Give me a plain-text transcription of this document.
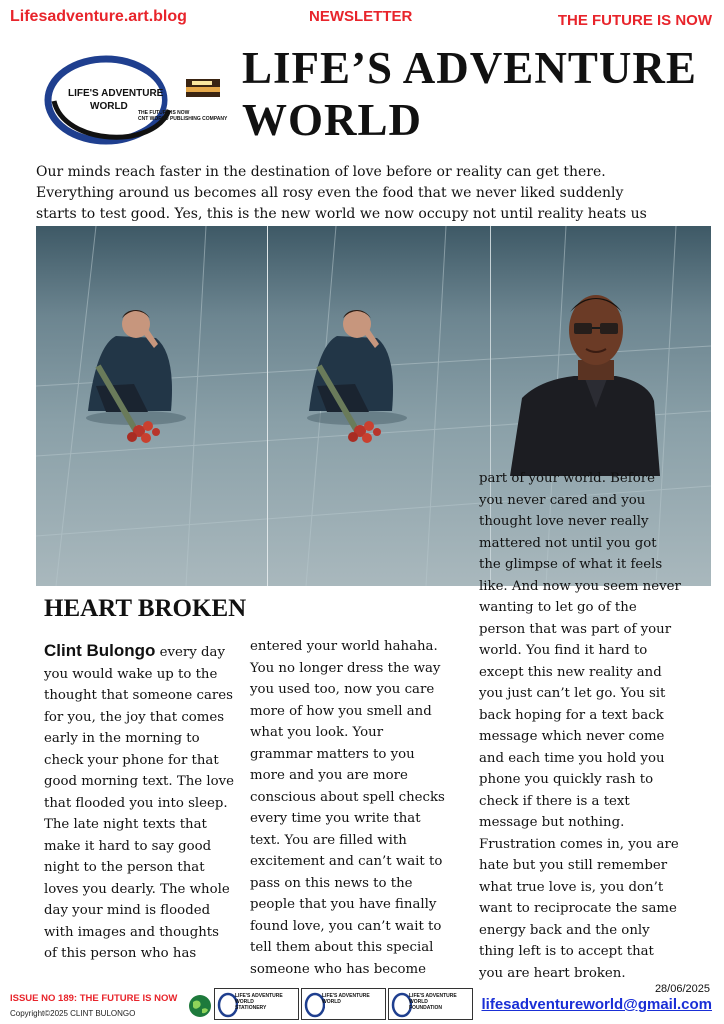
Lifesadventure.art.blog	NEWSLETTER	THE FUTURE IS NOW
LIFE'S ADVENTURE
WORLD
THE FUTURE IS NOW
CNT WORLD PUBLISHING COMPANY
LIFE’S ADVENTURE
WORLD

Our minds reach faster in the destination of love before or reality can get there. Everything around us becomes all rosy even the food that we never liked suddenly starts to test good. Yes, this is the new world we now occupy not until reality heats us

HEART BROKEN

Clint Bulongo every day you would wake up to the thought that someone cares for you, the joy that comes early in the morning to check your phone for that good morning text. The love that flooded you into sleep. The late night texts that make it hard to say good night to the person that loves you dearly. The whole day your mind is flooded with images and thoughts of this person who has

entered your world hahaha. You no longer dress the way you used too, now you care more of how you smell and what you look. Your grammar matters to you more and you are more conscious about spell checks every time you write that text. You are filled with excitement and can’t wait to pass on this news to the people that you have finally found love, you can’t wait to tell them about this special someone who has become

part of your world. Before you never cared and you thought love never really mattered not until you got the glimpse of what it feels like. And now you seem never wanting to let go of the person that was part of your world. You find it hard to except this new reality and you just can’t let go. You sit back hoping for a text back message which never come and each time you hold you phone you quickly rash to check if there is a text message but nothing. Frustration comes in, you are hate but you still remember what true love is, you don’t want to reciprocate the same energy back and the only thing left is to accept that you are heart broken.

ISSUE NO 189: THE FUTURE IS NOW
Copyright©2025 CLINT BULONGO
LIFE'S ADVENTURE WORLD
STATIONERY
LIFE'S ADVENTURE
WORLD
LIFE'S ADVENTURE WORLD
FOUNDATION
28/06/2025
lifesadventureworld@gmail.com
